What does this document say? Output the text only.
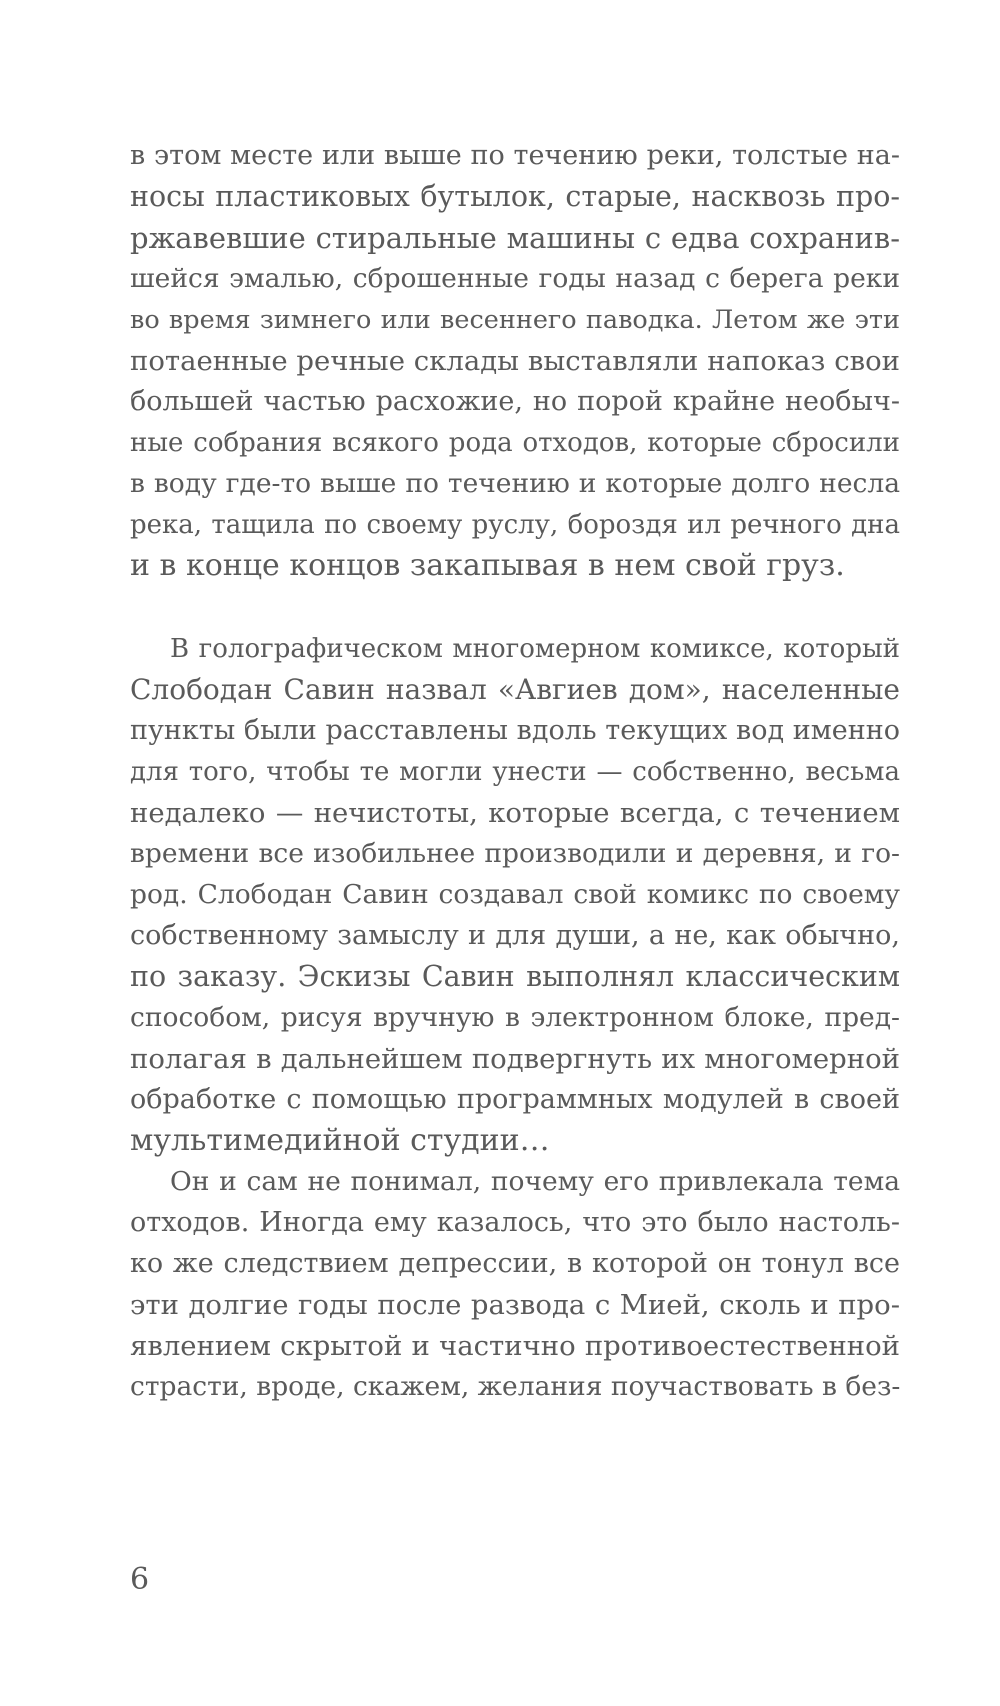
в этом месте или выше по течению реки, толстые на-
носы пластиковых бутылок, старые, насквозь про-
ржавевшие стиральные машины с едва сохранив-
шейся эмалью, сброшенные годы назад с берега реки
во время зимнего или весеннего паводка. Летом же эти
потаенные речные склады выставляли напоказ свои
большей частью расхожие, но порой крайне необыч-
ные собрания всякого рода отходов, которые сбросили
в воду где-то выше по течению и которые долго несла
река, тащила по своему руслу, бороздя ил речного дна
и в конце концов закапывая в нем свой груз.
В голографическом многомерном комиксе, который
Слободан Савин назвал «Авгиев дом», населенные
пункты были расставлены вдоль текущих вод именно
для того, чтобы те могли унести — собственно, весьма
недалеко — нечистоты, которые всегда, с течением
времени все изобильнее производили и деревня, и го-
род. Слободан Савин создавал свой комикс по своему
собственному замыслу и для души, а не, как обычно,
по заказу. Эскизы Савин выполнял классическим
способом, рисуя вручную в электронном блоке, пред-
полагая в дальнейшем подвергнуть их многомерной
обработке с помощью программных модулей в своей
мультимедийной студии…
Он и сам не понимал, почему его привлекала тема
отходов. Иногда ему казалось, что это было настоль-
ко же следствием депрессии, в которой он тонул все
эти долгие годы после развода с Мией, сколь и про-
явлением скрытой и частично противоестественной
страсти, вроде, скажем, желания поучаствовать в без-
6
